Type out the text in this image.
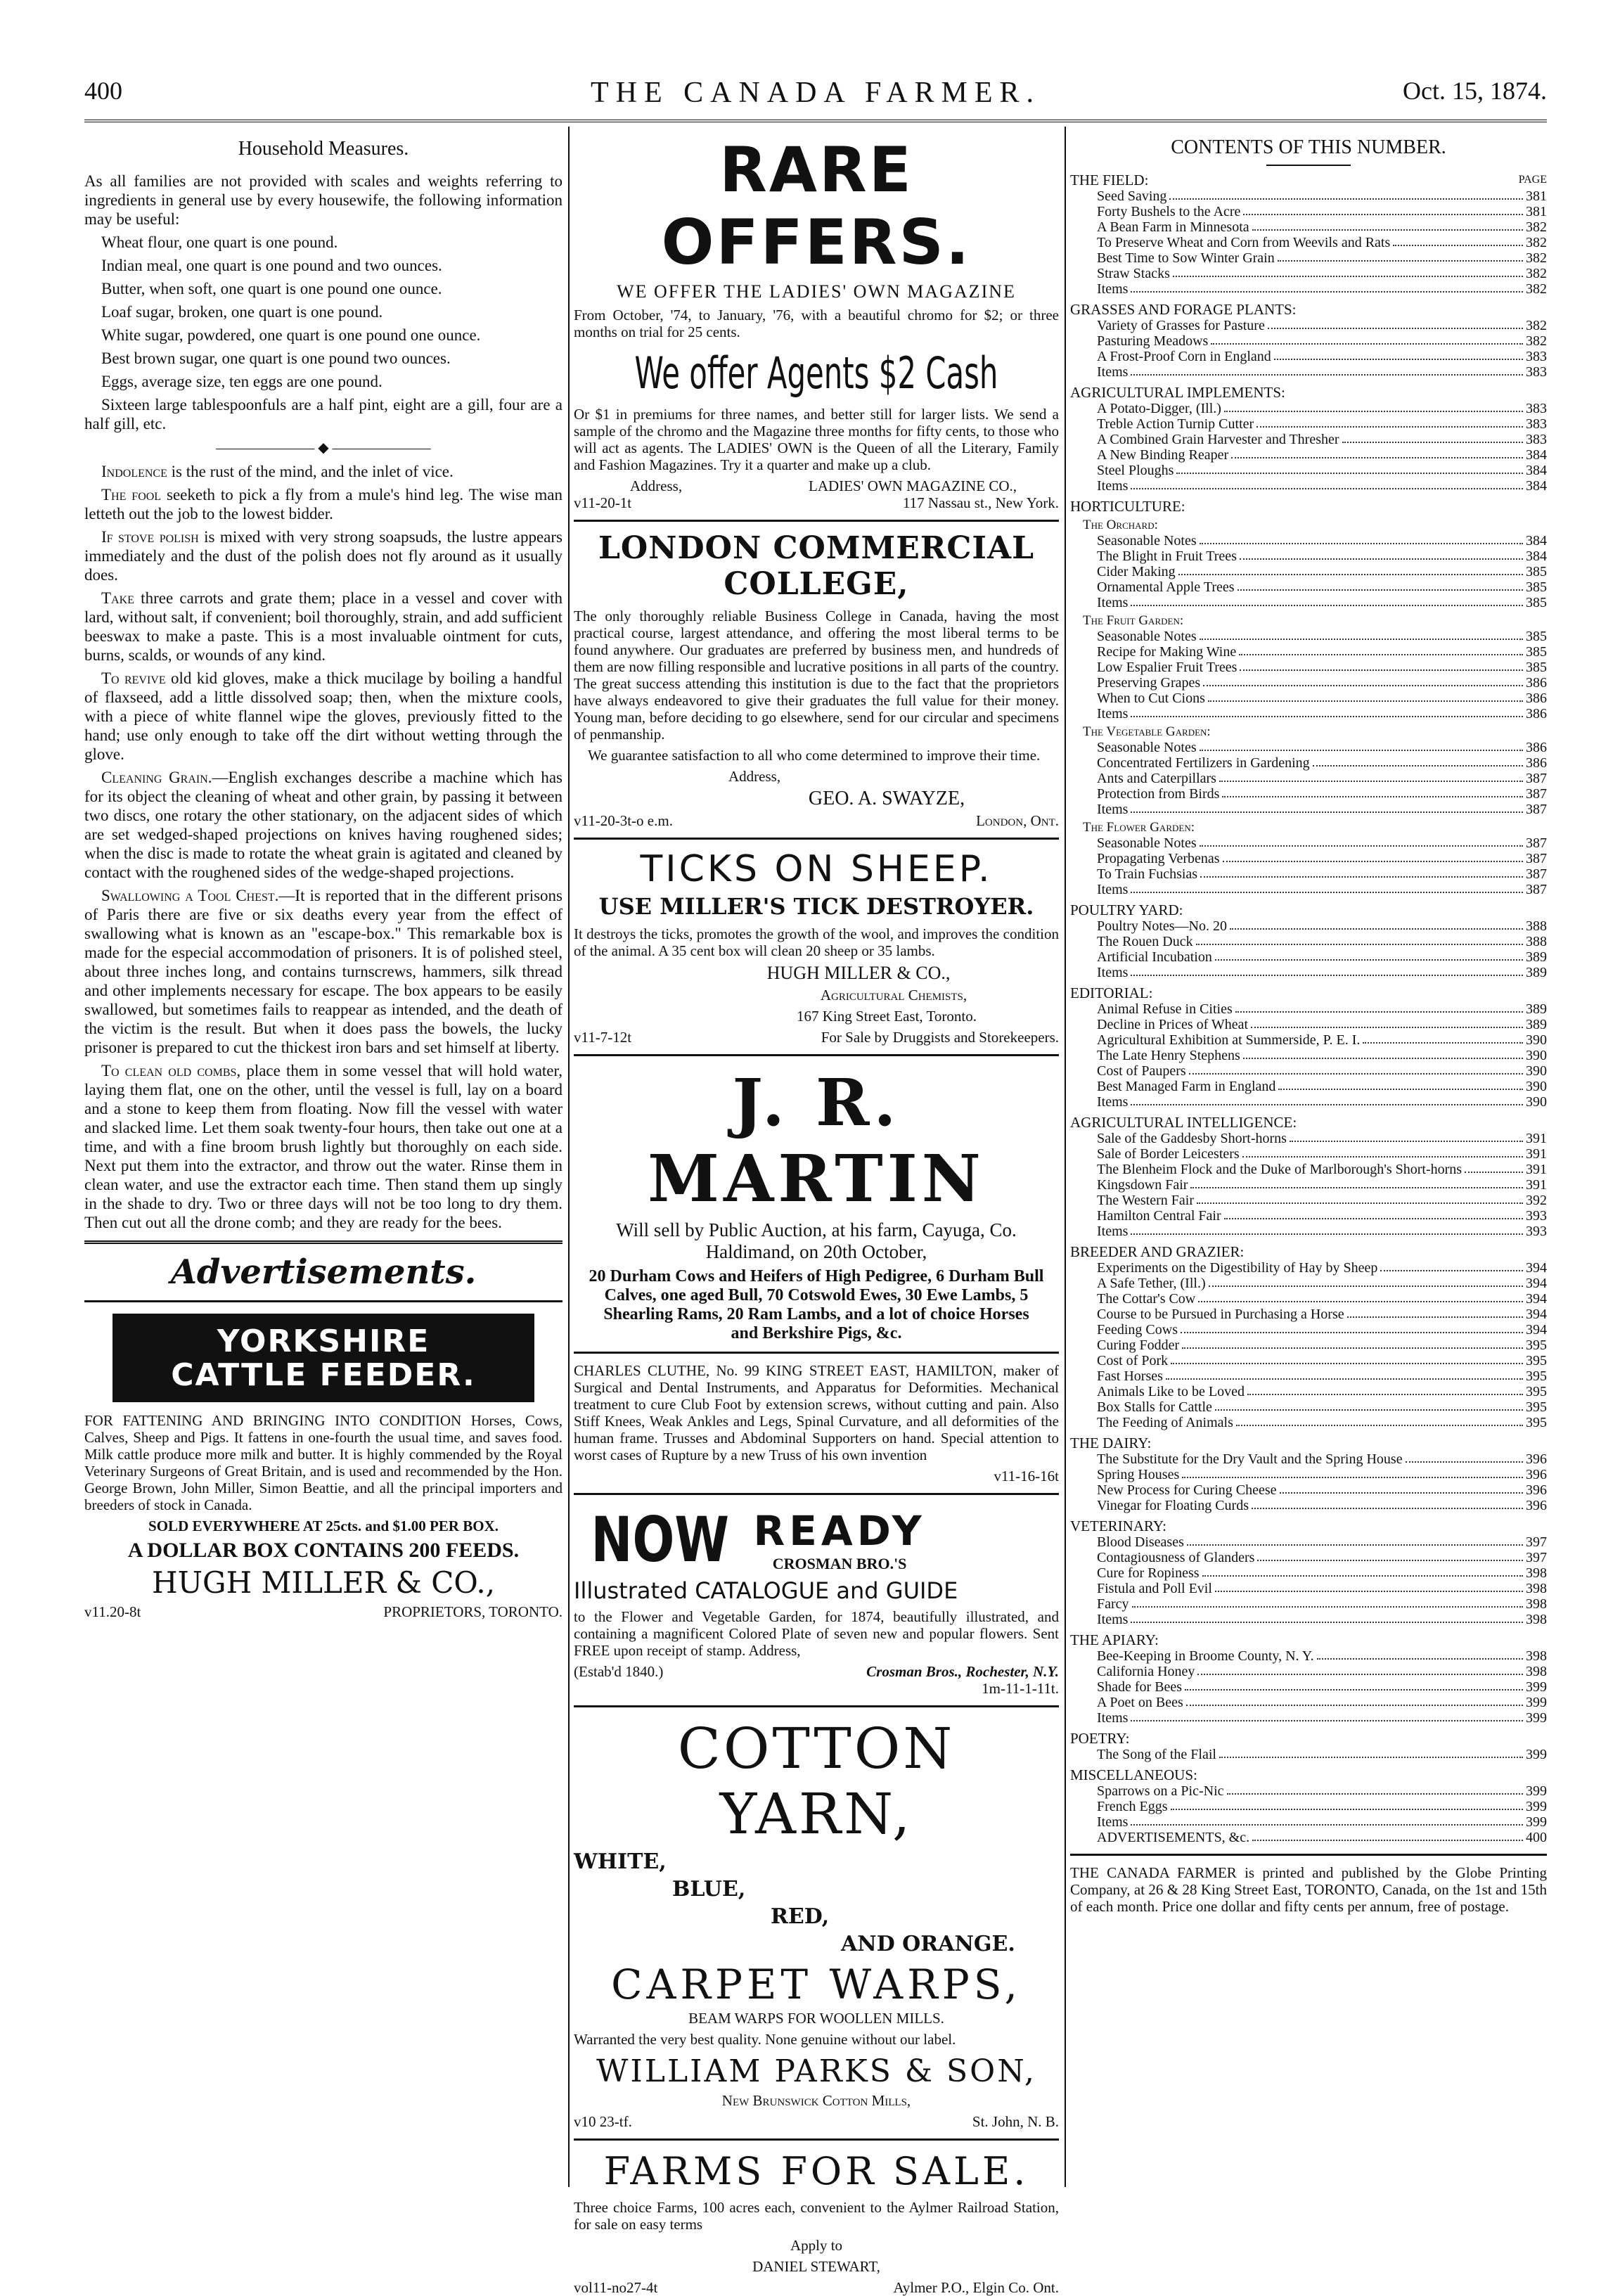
400	THE CANADA FARMER.	Oct. 15, 1874.
Household Measures.

As all families are not provided with scales and weights referring to ingredients in general use by every housewife, the following information may be useful:

Wheat flour, one quart is one pound.

Indian meal, one quart is one pound and two ounces.

Butter, when soft, one quart is one pound one ounce.

Loaf sugar, broken, one quart is one pound.

White sugar, powdered, one quart is one pound one ounce.

Best brown sugar, one quart is one pound two ounces.

Eggs, average size, ten eggs are one pound.

Sixteen large tablespoonfuls are a half pint, eight are a gill, four are a half gill, etc.

——————— ◆ ———————

Indolence is the rust of the mind, and the inlet of vice.

The fool seeketh to pick a fly from a mule's hind leg. The wise man letteth out the job to the lowest bidder.

If stove polish is mixed with very strong soapsuds, the lustre appears immediately and the dust of the polish does not fly around as it usually does.

Take three carrots and grate them; place in a vessel and cover with lard, without salt, if convenient; boil thoroughly, strain, and add sufficient beeswax to make a paste. This is a most invaluable ointment for cuts, burns, scalds, or wounds of any kind.

To revive old kid gloves, make a thick mucilage by boiling a handful of flaxseed, add a little dissolved soap; then, when the mixture cools, with a piece of white flannel wipe the gloves, previously fitted to the hand; use only enough to take off the dirt without wetting through the glove.

Cleaning Grain.—English exchanges describe a machine which has for its object the cleaning of wheat and other grain, by passing it between two discs, one rotary the other stationary, on the adjacent sides of which are set wedged-shaped projections on knives having roughened sides; when the disc is made to rotate the wheat grain is agitated and cleaned by contact with the roughened sides of the wedge-shaped projections.

Swallowing a Tool Chest.—It is reported that in the different prisons of Paris there are five or six deaths every year from the effect of swallowing what is known as an "escape-box." This remarkable box is made for the especial accommodation of prisoners. It is of polished steel, about three inches long, and contains turnscrews, hammers, silk thread and other implements necessary for escape. The box appears to be easily swallowed, but sometimes fails to reappear as intended, and the death of the victim is the result. But when it does pass the bowels, the lucky prisoner is prepared to cut the thickest iron bars and set himself at liberty.

To clean old combs, place them in some vessel that will hold water, laying them flat, one on the other, until the vessel is full, lay on a board and a stone to keep them from floating. Now fill the vessel with water and slacked lime. Let them soak twenty-four hours, then take out one at a time, and with a fine broom brush lightly but thoroughly on each side. Next put them into the extractor, and throw out the water. Rinse them in clean water, and use the extractor each time. Then stand them up singly in the shade to dry. Two or three days will not be too long to dry them. Then cut out all the drone comb; and they are ready for the bees.

Advertisements.
YORKSHIRE
CATTLE FEEDER.

FOR FATTENING AND BRINGING INTO CONDITION Horses, Cows, Calves, Sheep and Pigs. It fattens in one-fourth the usual time, and saves food. Milk cattle produce more milk and butter. It is highly commended by the Royal Veterinary Surgeons of Great Britain, and is used and recommended by the Hon. George Brown, John Miller, Simon Beattie, and all the principal importers and breeders of stock in Canada.

SOLD EVERYWHERE AT 25cts. and $1.00 PER BOX.

A DOLLAR BOX CONTAINS 200 FEEDS.

HUGH MILLER & CO.,

v11.20-8t	PROPRIETORS, TORONTO.
RARE OFFERS.
WE OFFER THE LADIES' OWN MAGAZINE

From October, '74, to January, '76, with a beautiful chromo for $2; or three months on trial for 25 cents.

We offer Agents $2 Cash

Or $1 in premiums for three names, and better still for larger lists. We send a sample of the chromo and the Magazine three months for fifty cents, to those who will act as agents. The LADIES' OWN is the Queen of all the Literary, Family and Fashion Magazines. Try it a quarter and make up a club.

Address,	LADIES' OWN MAGAZINE CO.,
v11-20-1t	117 Nassau st., New York.
LONDON COMMERCIAL COLLEGE,

The only thoroughly reliable Business College in Canada, having the most practical course, largest attendance, and offering the most liberal terms to be found anywhere. Our graduates are preferred by business men, and hundreds of them are now filling responsible and lucrative positions in all parts of the country. The great success attending this institution is due to the fact that the proprietors have always endeavored to give their graduates the full value for their money. Young man, before deciding to go elsewhere, send for our circular and specimens of penmanship.

We guarantee satisfaction to all who come determined to improve their time.

Address,

GEO. A. SWAYZE,

v11-20-3t-o e.m.	London, Ont.
TICKS ON SHEEP.
USE MILLER'S TICK DESTROYER.

It destroys the ticks, promotes the growth of the wool, and improves the condition of the animal. A 35 cent box will clean 20 sheep or 35 lambs.

HUGH MILLER & CO.,

Agricultural Chemists,

167 King Street East, Toronto.

v11-7-12t	For Sale by Druggists and Storekeepers.
J. R. MARTIN

Will sell by Public Auction, at his farm, Cayuga, Co. Haldimand, on 20th October,

20 Durham Cows and Heifers of High Pedigree, 6 Durham Bull Calves, one aged Bull, 70 Cotswold Ewes, 30 Ewe Lambs, 5 Shearling Rams, 20 Ram Lambs, and a lot of choice Horses and Berkshire Pigs, &c.

CHARLES CLUTHE, No. 99 KING STREET EAST, HAMILTON, maker of Surgical and Dental Instruments, and Apparatus for Deformities. Mechanical treatment to cure Club Foot by extension screws, without cutting and pain. Also Stiff Knees, Weak Ankles and Legs, Spinal Curvature, and all deformities of the human frame. Trusses and Abdominal Supporters on hand. Special attention to worst cases of Rupture by a new Truss of his own invention

v11-16-16t

NOW READY
CROSMAN BRO.'S
Illustrated CATALOGUE and GUIDE

to the Flower and Vegetable Garden, for 1874, beautifully illustrated, and containing a magnificent Colored Plate of seven new and popular flowers. Sent FREE upon receipt of stamp. Address,

(Estab'd 1840.)	Crosman Bros., Rochester, N.Y.

1m-11-1-11t.

COTTON YARN,
WHITE,
BLUE,
RED,
AND ORANGE.
CARPET WARPS,

BEAM WARPS FOR WOOLLEN MILLS.

Warranted the very best quality. None genuine without our label.

WILLIAM PARKS & SON,

New Brunswick Cotton Mills,

v10 23-tf.	St. John, N. B.
FARMS FOR SALE.

Three choice Farms, 100 acres each, convenient to the Aylmer Railroad Station, for sale on easy terms

Apply to

DANIEL STEWART,

vol11-no27-4t	Aylmer P.O., Elgin Co. Ont.
CONTENTS OF THIS NUMBER.
THE FIELD:	PAGE
Seed Saving	381
Forty Bushels to the Acre	381
A Bean Farm in Minnesota	382
To Preserve Wheat and Corn from Weevils and Rats	382
Best Time to Sow Winter Grain	382
Straw Stacks	382
Items	382
GRASSES AND FORAGE PLANTS:
Variety of Grasses for Pasture	382
Pasturing Meadows	382
A Frost-Proof Corn in England	383
Items	383
AGRICULTURAL IMPLEMENTS:
A Potato-Digger, (Ill.)	383
Treble Action Turnip Cutter	383
A Combined Grain Harvester and Thresher	383
A New Binding Reaper	384
Steel Ploughs	384
Items	384
HORTICULTURE:
The Orchard:
Seasonable Notes	384
The Blight in Fruit Trees	384
Cider Making	385
Ornamental Apple Trees	385
Items	385
The Fruit Garden:
Seasonable Notes	385
Recipe for Making Wine	385
Low Espalier Fruit Trees	385
Preserving Grapes	386
When to Cut Cions	386
Items	386
The Vegetable Garden:
Seasonable Notes	386
Concentrated Fertilizers in Gardening	386
Ants and Caterpillars	387
Protection from Birds	387
Items	387
The Flower Garden:
Seasonable Notes	387
Propagating Verbenas	387
To Train Fuchsias	387
Items	387
POULTRY YARD:
Poultry Notes—No. 20	388
The Rouen Duck	388
Artificial Incubation	389
Items	389
EDITORIAL:
Animal Refuse in Cities	389
Decline in Prices of Wheat	389
Agricultural Exhibition at Summerside, P. E. I.	390
The Late Henry Stephens	390
Cost of Paupers	390
Best Managed Farm in England	390
Items	390
AGRICULTURAL INTELLIGENCE:
Sale of the Gaddesby Short-horns	391
Sale of Border Leicesters	391
The Blenheim Flock and the Duke of Marlborough's Short-horns	391
Kingsdown Fair	391
The Western Fair	392
Hamilton Central Fair	393
Items	393
BREEDER AND GRAZIER:
Experiments on the Digestibility of Hay by Sheep	394
A Safe Tether, (Ill.)	394
The Cottar's Cow	394
Course to be Pursued in Purchasing a Horse	394
Feeding Cows	394
Curing Fodder	395
Cost of Pork	395
Fast Horses	395
Animals Like to be Loved	395
Box Stalls for Cattle	395
The Feeding of Animals	395
THE DAIRY:
The Substitute for the Dry Vault and the Spring House	396
Spring Houses	396
New Process for Curing Cheese	396
Vinegar for Floating Curds	396
VETERINARY:
Blood Diseases	397
Contagiousness of Glanders	397
Cure for Ropiness	398
Fistula and Poll Evil	398
Farcy	398
Items	398
THE APIARY:
Bee-Keeping in Broome County, N. Y.	398
California Honey	398
Shade for Bees	399
A Poet on Bees	399
Items	399
POETRY:
The Song of the Flail	399
MISCELLANEOUS:
Sparrows on a Pic-Nic	399
French Eggs	399
Items	399
ADVERTISEMENTS, &c.	400

THE CANADA FARMER is printed and published by the Globe Printing Company, at 26 & 28 King Street East, TORONTO, Canada, on the 1st and 15th of each month. Price one dollar and fifty cents per annum, free of postage.
